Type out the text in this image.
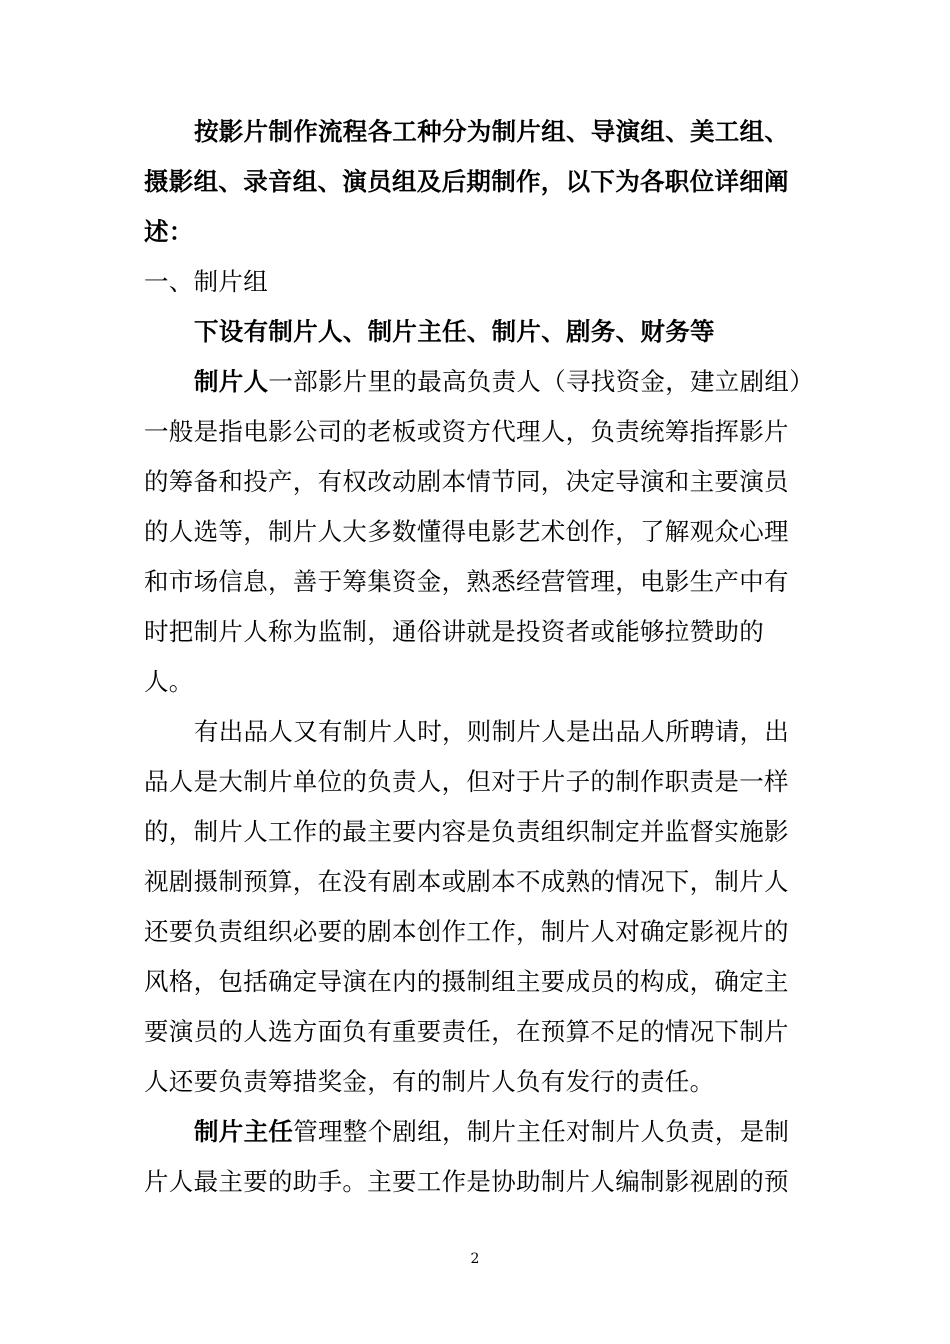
按影片制作流程各工种分为制片组、导演组、美工组、
摄影组、录音组、演员组及后期制作，以下为各职位详细阐
述：
一、制片组
下设有制片人、制片主任、制片、剧务、财务等
制片人一部影片里的最高负责人（寻找资金，建立剧组）
一般是指电影公司的老板或资方代理人，负责统筹指挥影片
的筹备和投产，有权改动剧本情节同，决定导演和主要演员
的人选等，制片人大多数懂得电影艺术创作，了解观众心理
和市场信息，善于筹集资金，熟悉经营管理，电影生产中有
时把制片人称为监制，通俗讲就是投资者或能够拉赞助的
人。
有出品人又有制片人时，则制片人是出品人所聘请，出
品人是大制片单位的负责人，但对于片子的制作职责是一样
的，制片人工作的最主要内容是负责组织制定并监督实施影
视剧摄制预算，在没有剧本或剧本不成熟的情况下，制片人
还要负责组织必要的剧本创作工作，制片人对确定影视片的
风格，包括确定导演在内的摄制组主要成员的构成，确定主
要演员的人选方面负有重要责任，在预算不足的情况下制片
人还要负责筹措奖金，有的制片人负有发行的责任。
制片主任管理整个剧组，制片主任对制片人负责，是制
片人最主要的助手。主要工作是协助制片人编制影视剧的预
2
